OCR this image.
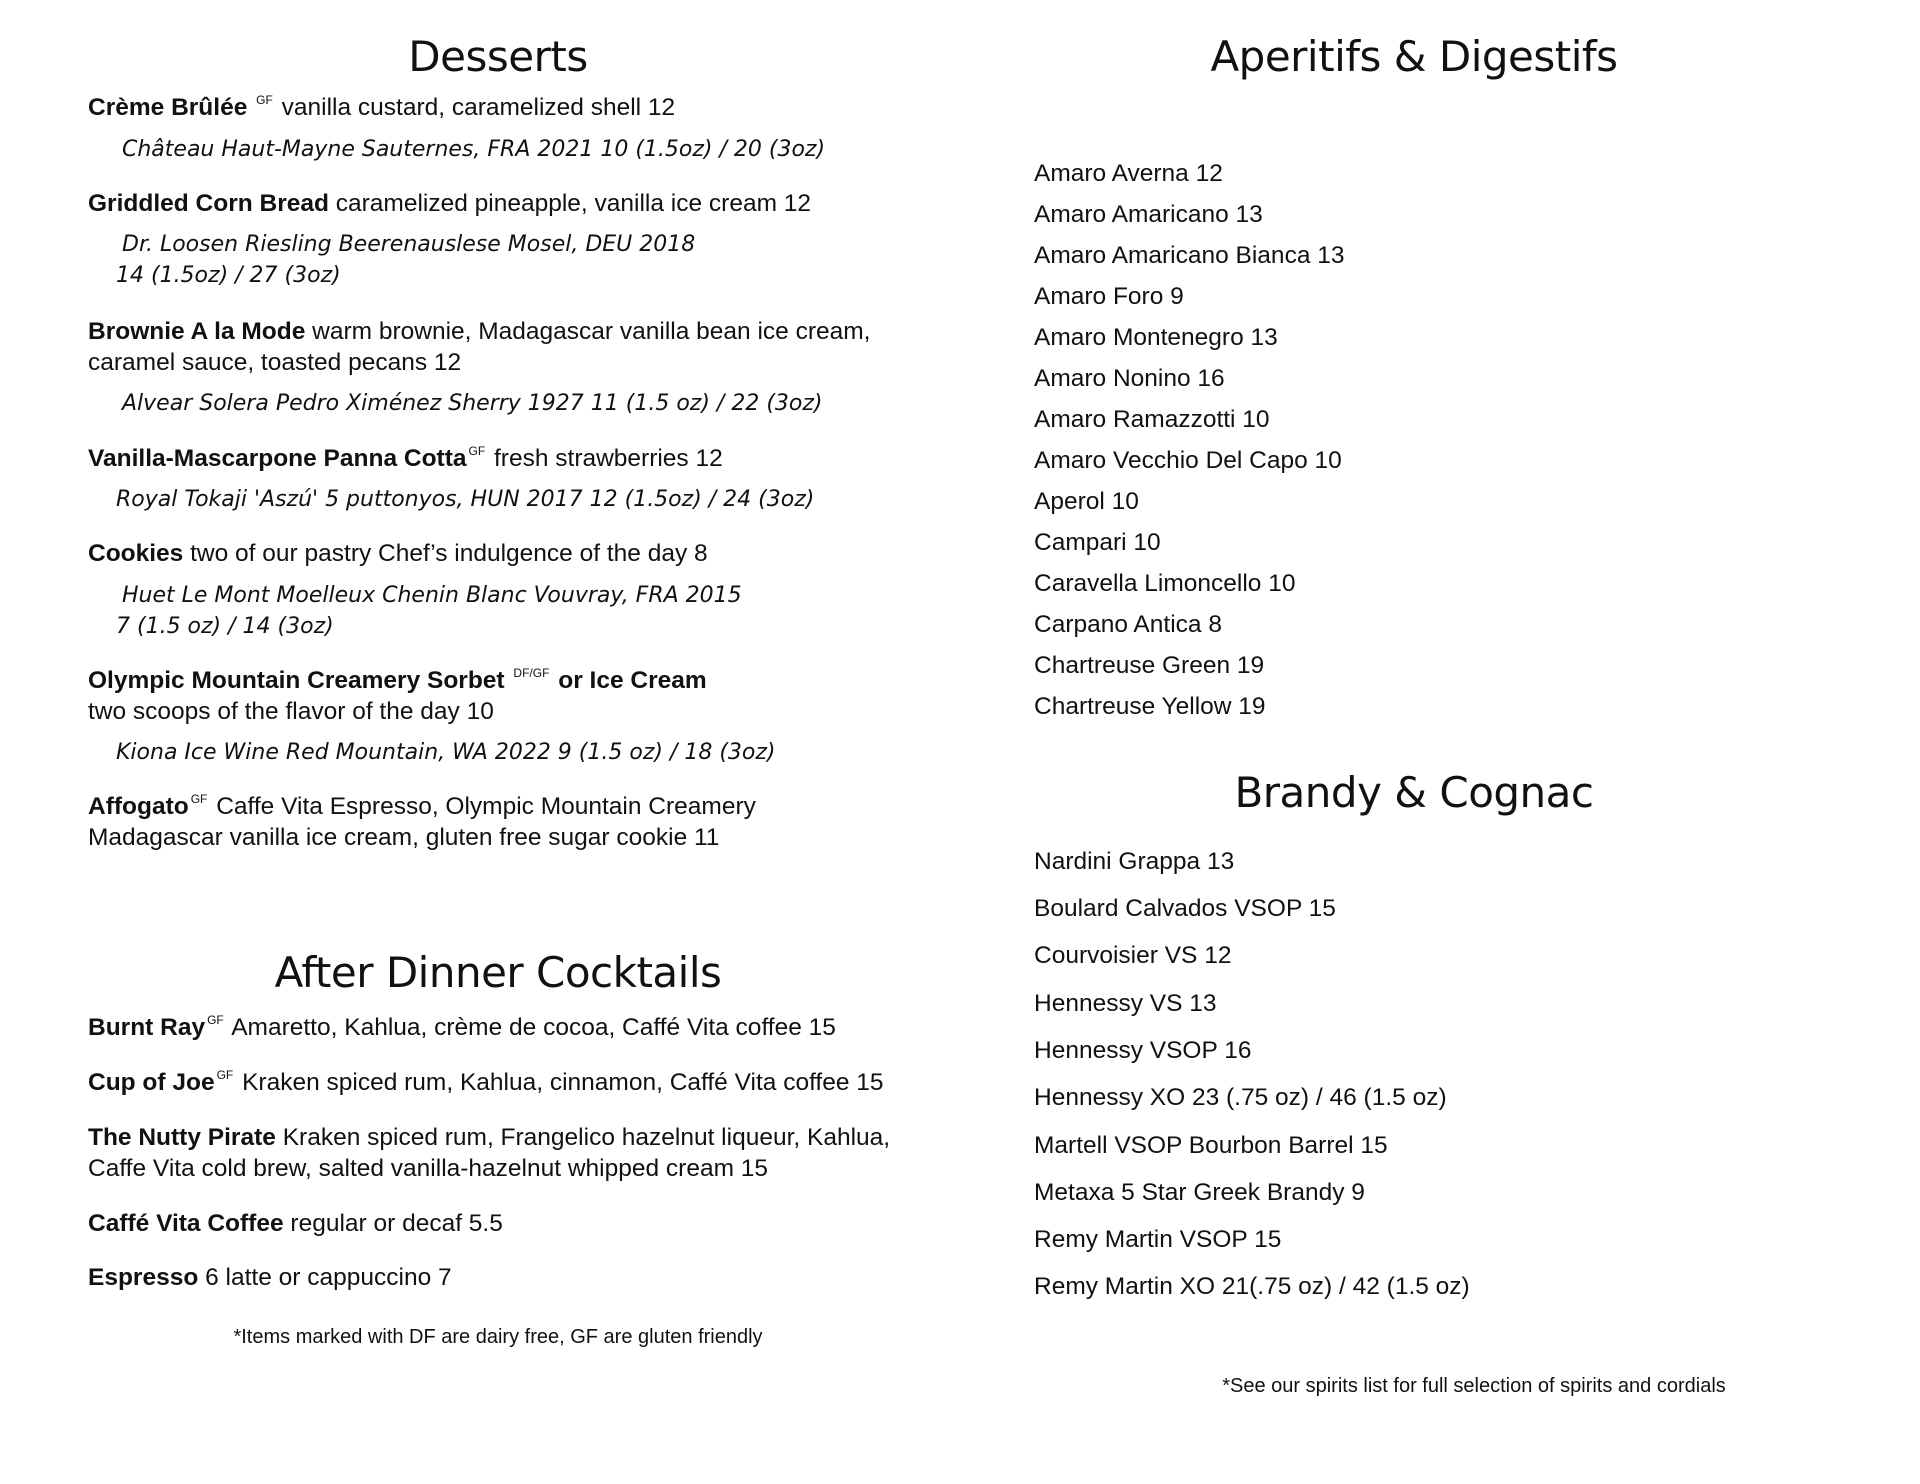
Desserts
Crème Brûlée $^{GF}$ vanilla custard, caramelized shell 12
Château Haut-Mayne Sauternes, FRA 2021 10 (1.5oz) / 20 (3oz)
Griddled Corn Bread caramelized pineapple, vanilla ice cream 12
Dr. Loosen Riesling Beerenauslese Mosel, DEU 2018
14 (1.5oz) / 27 (3oz)
Brownie A la Mode warm brownie, Madagascar vanilla bean ice cream,
caramel sauce, toasted pecans 12
Alvear Solera Pedro Ximénez Sherry 1927 11 (1.5 oz) / 22 (3oz)
Vanilla-Mascarpone Panna Cotta $^{GF}$ fresh strawberries 12
Royal Tokaji 'Aszú' 5 puttonyos, HUN 2017 12 (1.5oz) / 24 (3oz)
Cookies two of our pastry Chef’s indulgence of the day 8
Huet Le Mont Moelleux Chenin Blanc Vouvray, FRA 2015
7 (1.5 oz) / 14 (3oz)
Olympic Mountain Creamery Sorbet $^{DF/GF}$ or Ice Cream
two scoops of the flavor of the day 10
Kiona Ice Wine Red Mountain, WA 2022 9 (1.5 oz) / 18 (3oz)
Affogato $^{GF}$ Caffe Vita Espresso, Olympic Mountain Creamery
Madagascar vanilla ice cream, gluten free sugar cookie 11
After Dinner Cocktails
Burnt Ray $^{GF}$ Amaretto, Kahlua, crème de cocoa, Caffé Vita coffee 15
Cup of Joe $^{GF}$ Kraken spiced rum, Kahlua, cinnamon, Caffé Vita coffee 15
The Nutty Pirate Kraken spiced rum, Frangelico hazelnut liqueur, Kahlua,
Caffe Vita cold brew, salted vanilla-hazelnut whipped cream 15
Caffé Vita Coffee regular or decaf 5.5
Espresso 6 latte or cappuccino 7
*Items marked with DF are dairy free, GF are gluten friendly
Aperitifs & Digestifs
Amaro Averna 12
Amaro Amaricano 13
Amaro Amaricano Bianca 13
Amaro Foro 9
Amaro Montenegro 13
Amaro Nonino 16
Amaro Ramazzotti 10
Amaro Vecchio Del Capo 10
Aperol 10
Campari 10
Caravella Limoncello 10
Carpano Antica 8
Chartreuse Green 19
Chartreuse Yellow 19
Brandy & Cognac
Nardini Grappa 13
Boulard Calvados VSOP 15
Courvoisier VS 12
Hennessy VS 13
Hennessy VSOP 16
Hennessy XO 23 (.75 oz) / 46 (1.5 oz)
Martell VSOP Bourbon Barrel 15
Metaxa 5 Star Greek Brandy 9
Remy Martin VSOP 15
Remy Martin XO 21(.75 oz) / 42 (1.5 oz)
*See our spirits list for full selection of spirits and cordials
